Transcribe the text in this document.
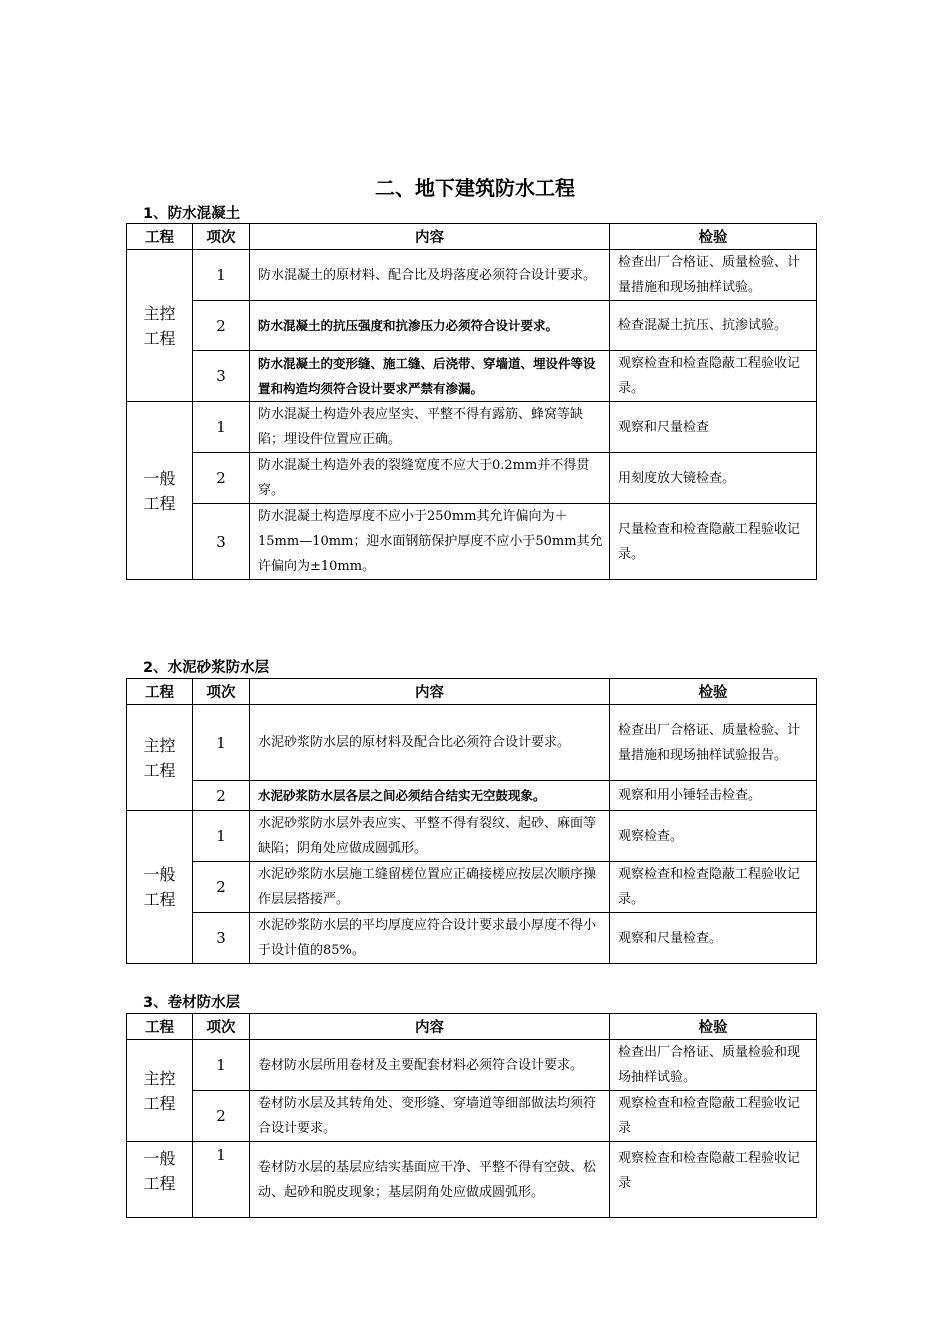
二、地下建筑防水工程
1、防水混凝土
工程	项次	内容	检验
主控
工程	1	防水混凝土的原材料、配合比及坍落度必须符合设计要求。	检查出厂合格证、质量检验、计量措施和现场抽样试验。
	2	防水混凝土的抗压强度和抗渗压力必须符合设计要求。	检查混凝土抗压、抗渗试验。
	3	防水混凝土的变形缝、施工缝、后浇带、穿墙道、埋设件等设置和构造均须符合设计要求严禁有渗漏。	观察检查和检查隐蔽工程验收记录。
一般
工程	1	防水混凝土构造外表应坚实、平整不得有露筋、蜂窝等缺陷；埋设件位置应正确。	观察和尺量检查
	2	防水混凝土构造外表的裂缝宽度不应大于0.2mm并不得贯穿。	用刻度放大镜检查。
	3	防水混凝土构造厚度不应小于250mm其允许偏向为＋15mm—10mm；迎水面钢筋保护厚度不应小于50mm其允许偏向为±10mm。	尺量检查和检查隐蔽工程验收记录。
2、水泥砂浆防水层
工程	项次	内容	检验
主控
工程	1	水泥砂浆防水层的原材料及配合比必须符合设计要求。	检查出厂合格证、质量检验、计量措施和现场抽样试验报告。
	2	水泥砂浆防水层各层之间必须结合结实无空鼓现象。	观察和用小锤轻击检查。
一般
工程	1	水泥砂浆防水层外表应实、平整不得有裂纹、起砂、麻面等缺陷；阴角处应做成圆弧形。	观察检查。
	2	水泥砂浆防水层施工缝留槎位置应正确接槎应按层次顺序操作层层搭接严。	观察检查和检查隐蔽工程验收记录。
	3	水泥砂浆防水层的平均厚度应符合设计要求最小厚度不得小于设计值的85%。	观察和尺量检查。
3、卷材防水层
工程	项次	内容	检验
主控
工程	1	卷材防水层所用卷材及主要配套材料必须符合设计要求。	检查出厂合格证、质量检验和现场抽样试验。
	2	卷材防水层及其转角处、变形缝、穿墙道等细部做法均须符合设计要求。	观察检查和检查隐蔽工程验收记录
一般
工程	1	卷材防水层的基层应结实基面应干净、平整不得有空鼓、松动、起砂和脱皮现象；基层阴角处应做成圆弧形。	观察检查和检查隐蔽工程验收记录
